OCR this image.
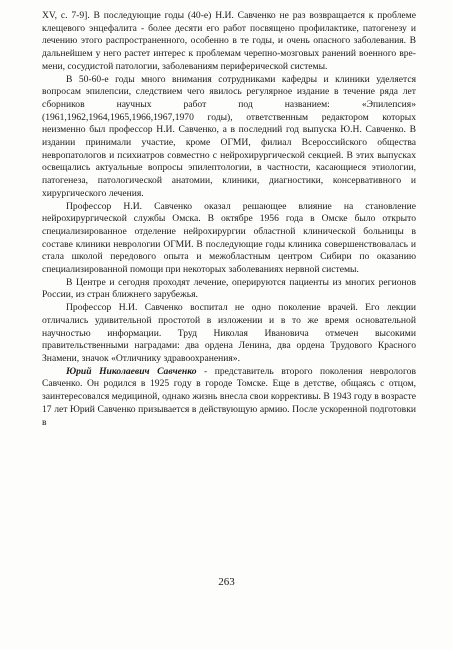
XV, с. 7-9]. В последующие годы (40-е) Н.И. Савченко не раз возвращается к проблеме клещевого энцефалита - более десяти его работ посвящено профилактике, патогенезу и лечению этого распространенного, особенно в те годы, и очень опасного заболевания. В дальнейшем у него растет интерес к проблемам черепно-мозговых ранений военного времени, сосудистой патологии, заболеваниям периферической системы.

В 50-60-е годы много внимания сотрудниками кафедры и клиники уделяется вопросам эпилепсии, следствием чего явилось регулярное издание в течение ряда лет сборников научных работ под названием: «Эпилепсия» (1961,1962,1964,1965,1966,1967,1970 годы), ответственным редактором которых неизменно был профессор Н.И. Савченко, а в последний год выпуска Ю.Н. Савченко. В издании принимали участие, кроме ОГМИ, филиал Всероссийского общества невропатологов и психиатров совместно с нейрохирургической секцией. В этих выпусках освещались актуальные вопросы эпилептологии, в частности, касающиеся этиологии, патогенеза, патологической анатомии, клиники, диагностики, консервативного и хирургического лечения.

Профессор Н.И. Савченко оказал решающее влияние на становление нейрохирургической службы Омска. В октябре 1956 года в Омске было открыто специализированное отделение нейрохирургии областной клинической больницы в составе клиники неврологии ОГМИ. В последующие годы клиника совершенствовалась и стала школой передового опыта и межобластным центром Сибири по оказанию специализированной помощи при некоторых заболеваниях нервной системы.

В Центре и сегодня проходят лечение, оперируются пациенты из многих регионов России, из стран ближнего зарубежья.

Профессор Н.И. Савченко воспитал не одно поколение врачей. Его лекции отличались удивительной простотой в изложении и в то же время основательной научностью информации. Труд Николая Ивановича отмечен высокими правительственными наградами: два ордена Ленина, два ордена Трудового Красного Знамени, значок «Отличнику здравоохранения».

Юрий Николаевич Савченко - представитель второго поколения неврологов Савченко. Он родился в 1925 году в городе Томске. Еще в детстве, общаясь с отцом, заинтересовался медициной, однако жизнь внесла свои коррективы. В 1943 году в возрасте 17 лет Юрий Савченко призывается в действующую армию. После ускоренной подготовки в

263
